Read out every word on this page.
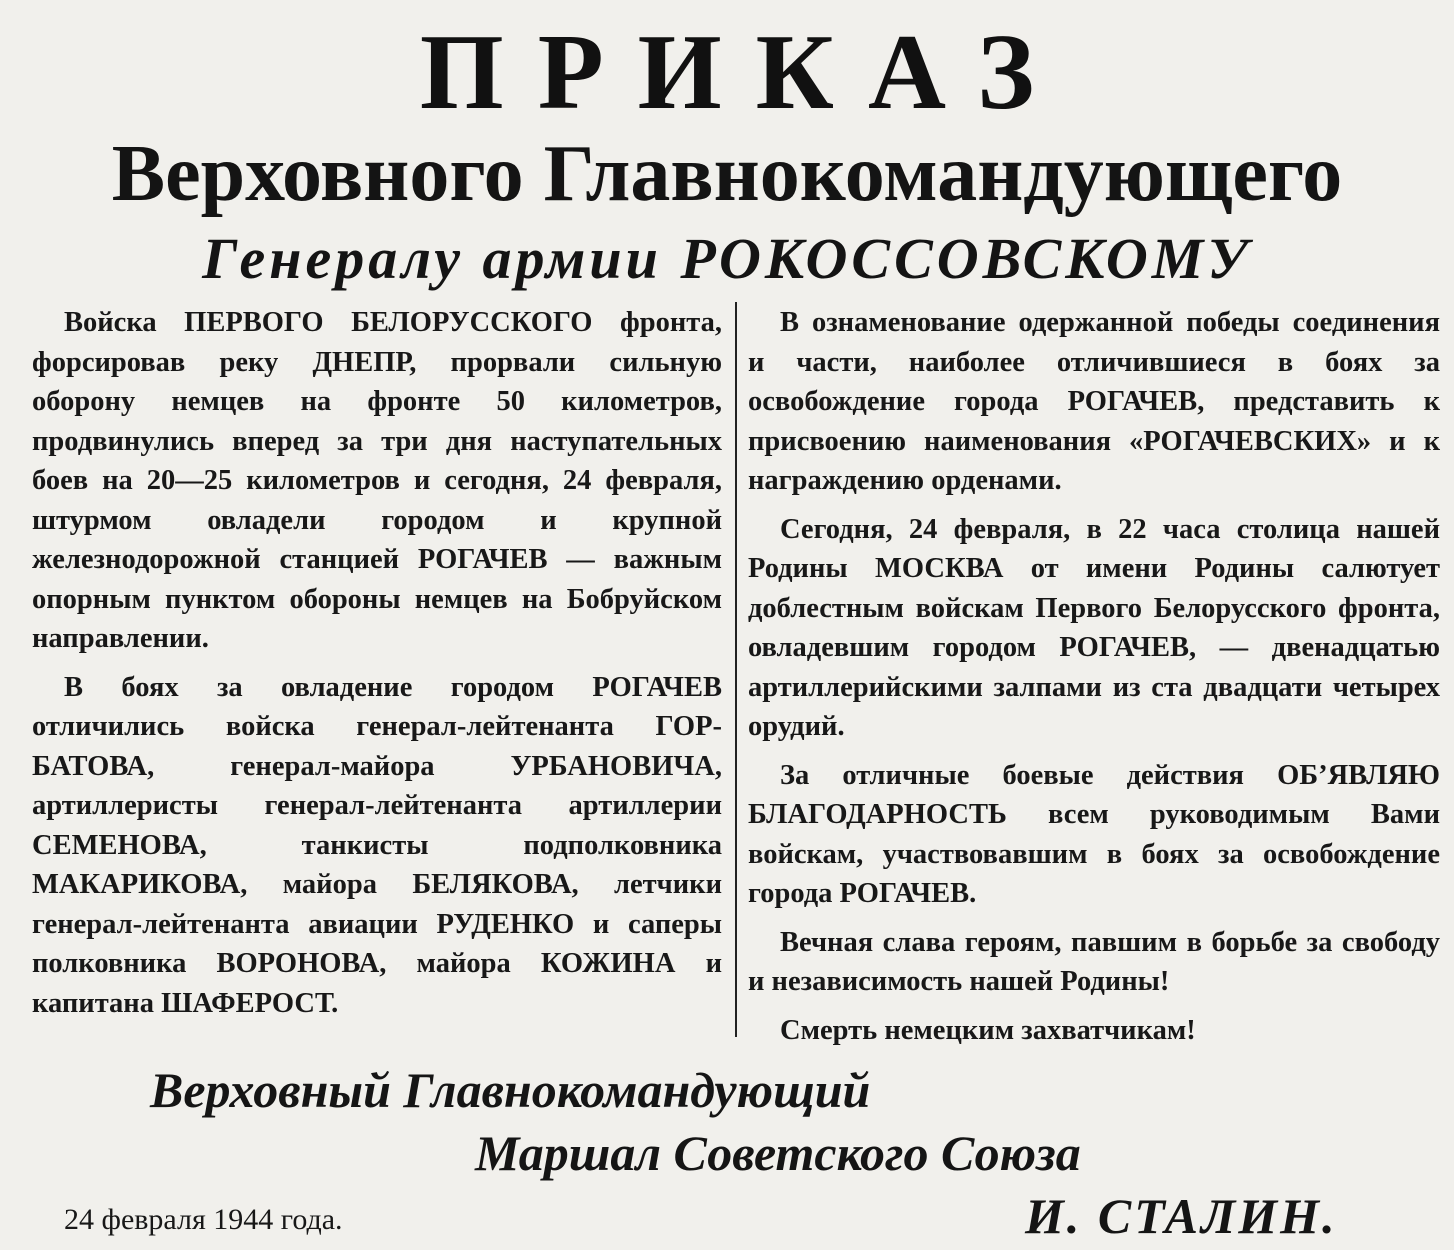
ПРИКАЗ
Верховного Главнокомандующего
Генералу армии РОКОССОВСКОМУ

Войска ПЕРВОГО БЕЛОРУССКОГО фронта, форсировав реку ДНЕПР, прорвали сильную оборону немцев на фронте 50 километров, продвинулись вперед за три дня наступательных боев на 20—25 километров и сегодня, 24 февраля, штурмом овладели городом и крупной железнодорожной станцией РОГАЧЕВ — важным опорным пунктом обороны немцев на Бобруйском направлении.

В боях за овладение городом РОГАЧЕВ отличились войска генерал-лейтенанта ГОРБАТОВА, генерал-майора УРБАНОВИЧА, артиллеристы генерал-лейтенанта артиллерии СЕМЕНОВА, танкисты подполковника МАКАРИКОВА, майора БЕЛЯКОВА, летчики генерал-лейтенанта авиации РУДЕНКО и саперы полковника ВОРОНОВА, майора КОЖИНА и капитана ШАФЕРОСТ.

В ознаменование одержанной победы соединения и части, наиболее отличившиеся в боях за освобождение города РОГАЧЕВ, представить к присвоению наименования «РОГАЧЕВСКИХ» и к награждению орденами.

Сегодня, 24 февраля, в 22 часа столица нашей Родины МОСКВА от имени Родины салютует доблестным войскам Первого Белорусского фронта, овладевшим городом РОГАЧЕВ, — двенадцатью артиллерийскими залпами из ста двадцати четырех орудий.

За отличные боевые действия ОБ’ЯВЛЯЮ БЛАГОДАРНОСТЬ всем руководимым Вами войскам, участвовавшим в боях за освобождение города РОГАЧЕВ.

Вечная слава героям, павшим в борьбе за свободу и независимость нашей Родины!

Смерть немецким захватчикам!

Верховный Главнокомандующий
Маршал Советского Союза
И. СТАЛИН.
24 февраля 1944 года.
